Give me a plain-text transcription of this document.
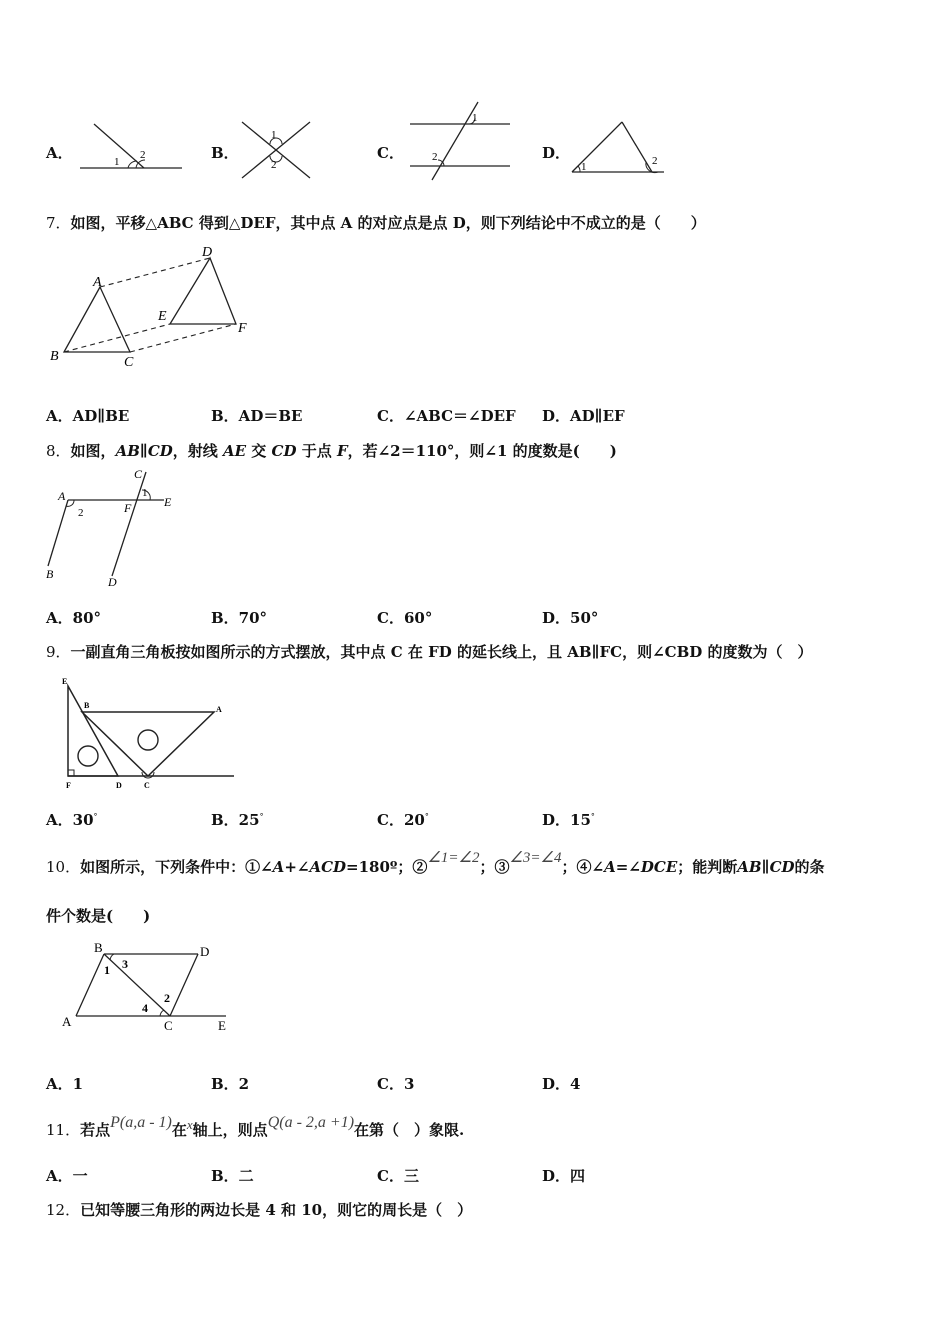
A．	1
2	B．
1
2
C．
1
2	D．
1	2
7．如图，平移△ABC 得到△DEF，其中点 A 的对应点是点 D，则下列结论中不成立的是（　　）
A
B	C
D
E
F
A．AD∥BE	B．AD＝BE	C．∠ABC＝∠DEF D．AD∥EF
8．如图，AB∥CD，射线 AE 交 CD 于点 F，若∠2＝110°，则∠1 的度数是(　　)
A
B
C
D
E
F
1
2
A．80°	B．70°	C．60°	D．50°
9．一副直角三角板按如图所示的方式摆放，其中点 C 在 FD 的延长线上，且 AB∥FC，则∠CBD 的度数为（　）
E
B	A
F	D	C
A．30°	B．25°	C．20°	D．15°
10．如图所示，下列条件中：①∠A+∠ACD=180º；②∠1=∠2；③∠3=∠4；④∠A=∠DCE；能判断AB∥CD的条
件个数是(　　)
B	D
A	C	E
1
2
3
4
A．1	B．2	C．3	D．4
11．若点P(a,a - 1)在x轴上，则点Q(a - 2,a +1)在第（　）象限.
A．一	B．二	C．三	D．四
12．已知等腰三角形的两边长是 4 和 10，则它的周长是（　）
